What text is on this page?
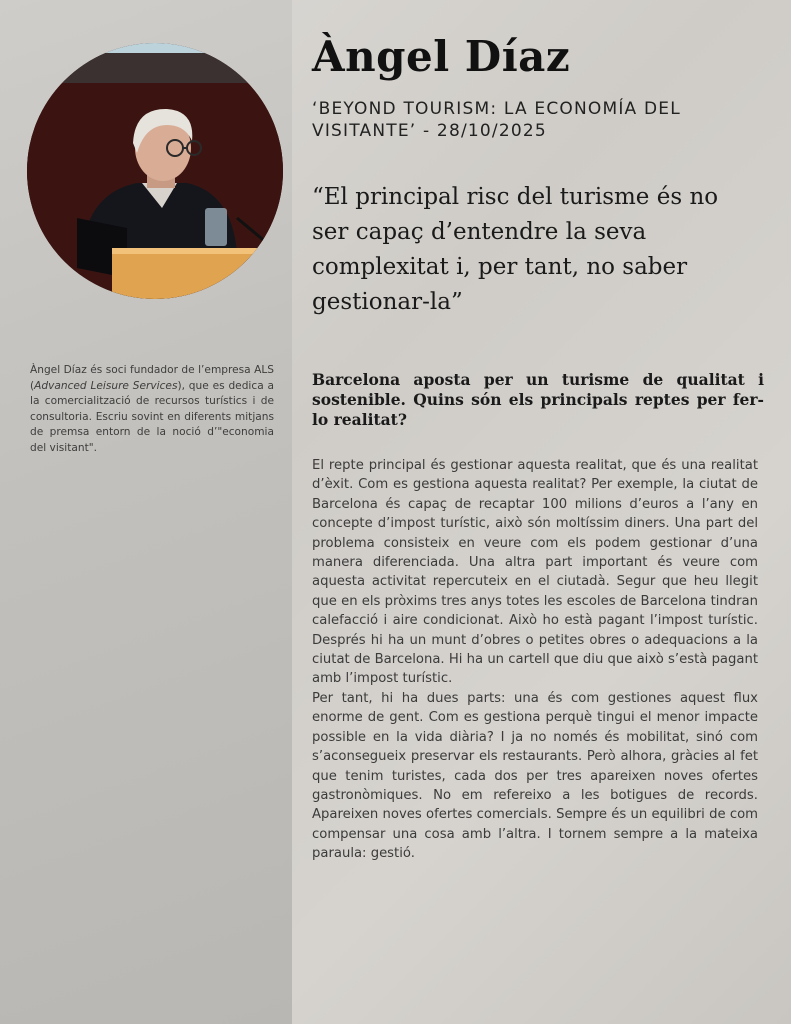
Àngel Díaz és soci fundador de l’empresa ALS (Advanced Leisure Services), que es dedica a la comercialització de recursos turístics i de consultoria. Escriu sovint en diferents mitjans de premsa entorn de la noció d’"economia del visitant".
Àngel Díaz
‘BEYOND TOURISM: LA ECONOMÍA DEL VISITANTE’ - 28/10/2025
“El principal risc del turisme és no ser capaç d’entendre la seva complexitat i, per tant, no saber gestionar-la”
Barcelona aposta per un turisme de qualitat i sostenible. Quins són els principals reptes per fer-lo realitat?

El repte principal és gestionar aquesta realitat, que és una realitat d’èxit. Com es gestiona aquesta realitat? Per exemple, la ciutat de Barcelona és capaç de recaptar 100 milions d’euros a l’any en concepte d’impost turístic, això són moltíssim diners. Una part del problema consisteix en veure com els podem gestionar d’una manera diferenciada. Una altra part important és veure com aquesta activitat repercuteix en el ciutadà. Segur que heu llegit que en els pròxims tres anys totes les escoles de Barcelona tindran calefacció i aire condicionat. Això ho està pagant l’impost turístic. Després hi ha un munt d’obres o petites obres o adequacions a la ciutat de Barcelona. Hi ha un cartell que diu que això s’està pagant amb l’impost turístic.

Per tant, hi ha dues parts: una és com gestiones aquest flux enorme de gent. Com es gestiona perquè tingui el menor impacte possible en la vida diària? I ja no només és mobilitat, sinó com s’aconsegueix preservar els restaurants. Però alhora, gràcies al fet que tenim turistes, cada dos per tres apareixen noves ofertes gastronòmiques. No em refereixo a les botigues de records. Apareixen noves ofertes comercials. Sempre és un equilibri de com compensar una cosa amb l’altra. I tornem sempre a la mateixa paraula: gestió.
